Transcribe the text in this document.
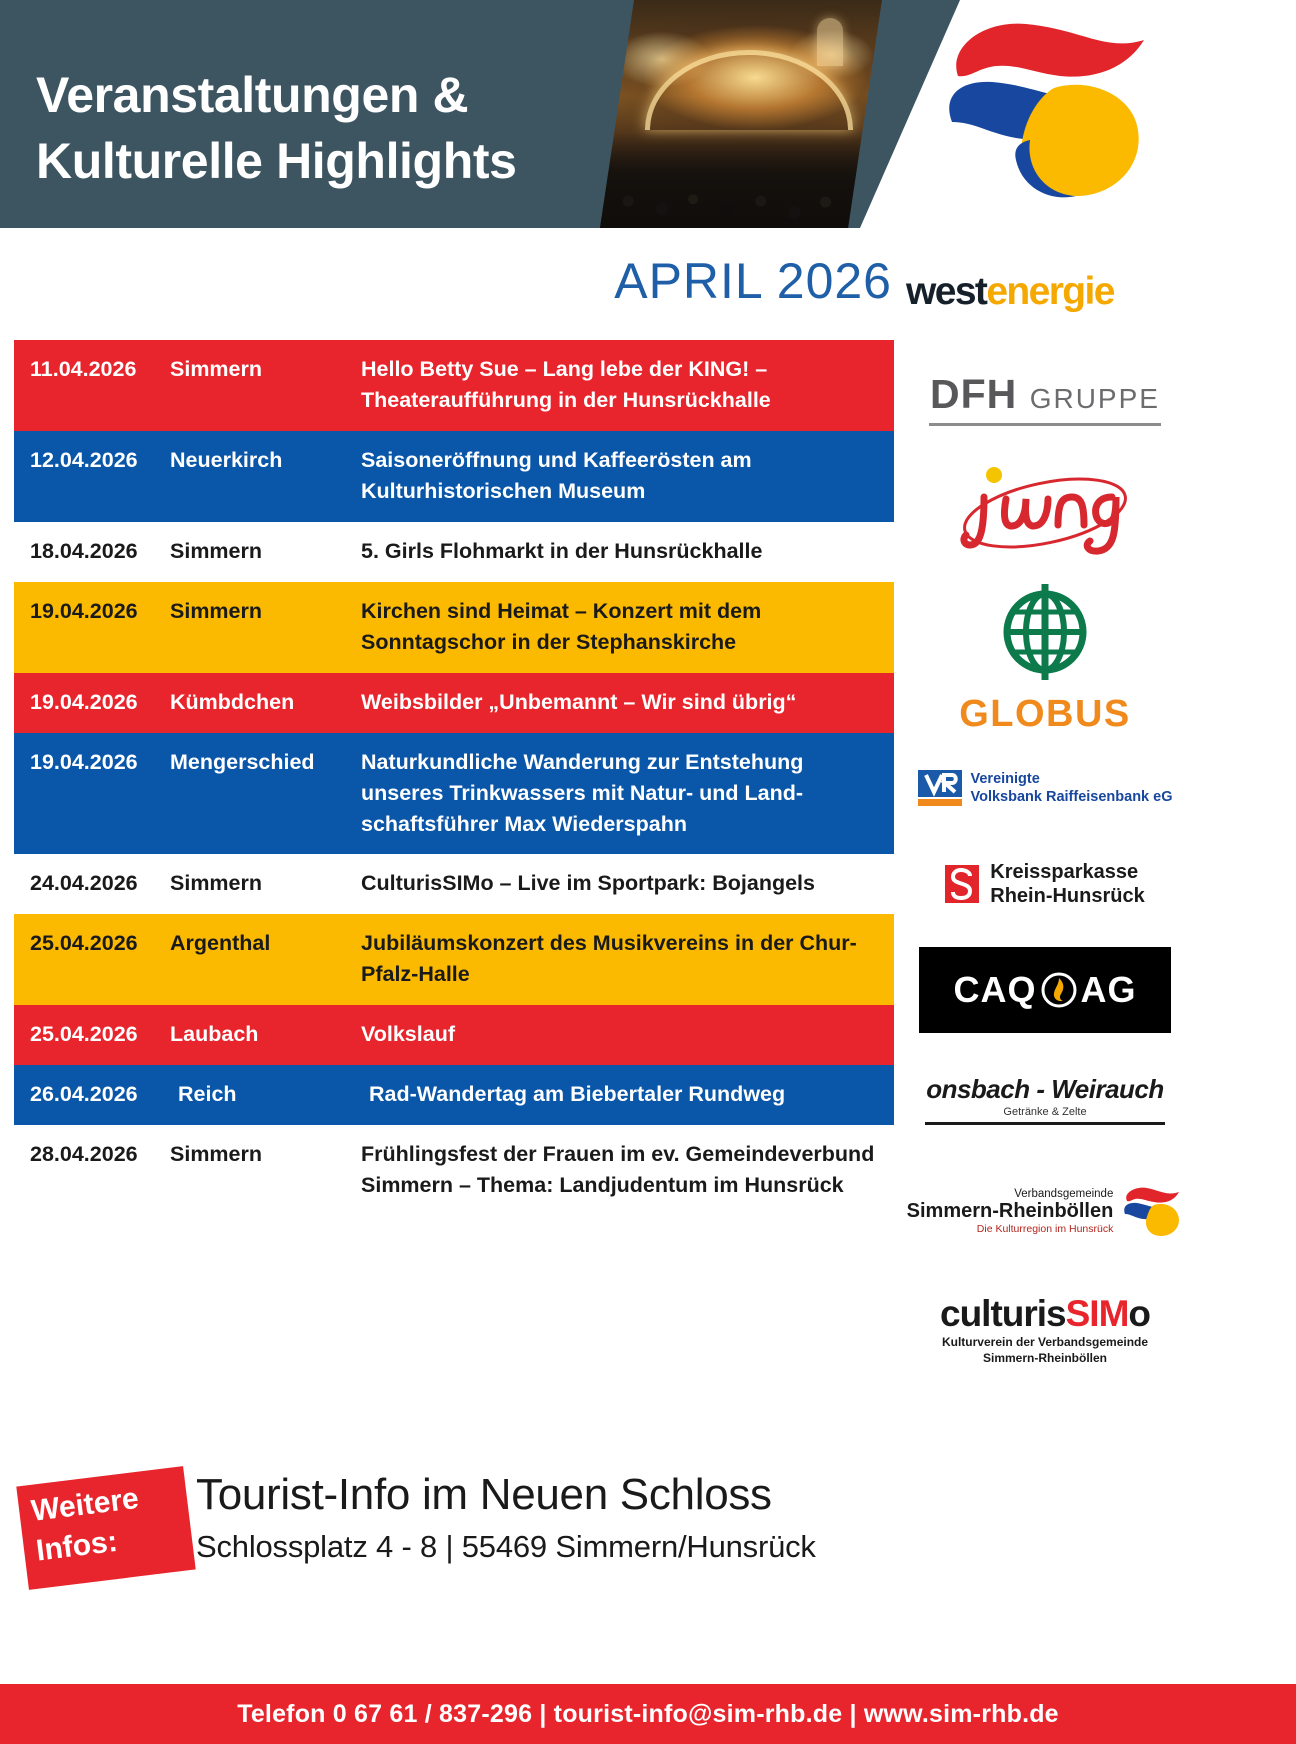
Veranstaltungen &
Kulturelle Highlights
APRIL 2026 westenergie
11.04.2026	Simmern	Hello Betty Sue – Lang lebe der KING! – Theateraufführung in der Hunsrückhalle
12.04.2026	Neuerkirch	Saisoneröffnung und Kaffeerösten am Kulturhistorischen Museum
18.04.2026	Simmern	5. Girls Flohmarkt in der Hunsrückhalle
19.04.2026	Simmern	Kirchen sind Heimat – Konzert mit dem Sonntagschor in der Stephanskirche
19.04.2026	Kümbdchen	Weibsbilder „Unbemannt – Wir sind übrig“
19.04.2026	Mengerschied	Naturkundliche Wanderung zur Entstehung unseres Trinkwassers mit Natur- und Landschaftsführer Max Wiederspahn
24.04.2026	Simmern	CulturisSIMo – Live im Sportpark: Bojangels
25.04.2026	Argenthal	Jubiläumskonzert des Musikvereins in der Chur-Pfalz-Halle
25.04.2026	Laubach	Volkslauf
26.04.2026	Reich	Rad-Wandertag am Biebertaler Rundweg
28.04.2026	Simmern	Frühlingsfest der Frauen im ev. Gemeindeverbund Simmern – Thema: Landjudentum im Hunsrück
DFH GRUPPE
GLOBUS
Vereinigte
Volksbank Raiffeisenbank eG
Kreissparkasse
Rhein-Hunsrück
CAQ AG
onsbach - Weirauch
Getränke & Zelte
Verbandsgemeinde
Simmern-Rheinböllen
Die Kulturregion im Hunsrück
culturisSIMo
Kulturverein der Verbandsgemeinde
Simmern-Rheinböllen
Weitere
Infos:
Tourist-Info im Neuen Schloss
Schlossplatz 4 - 8 | 55469 Simmern/Hunsrück
Telefon 0 67 61 / 837-296 | tourist-info@sim-rhb.de | www.sim-rhb.de
